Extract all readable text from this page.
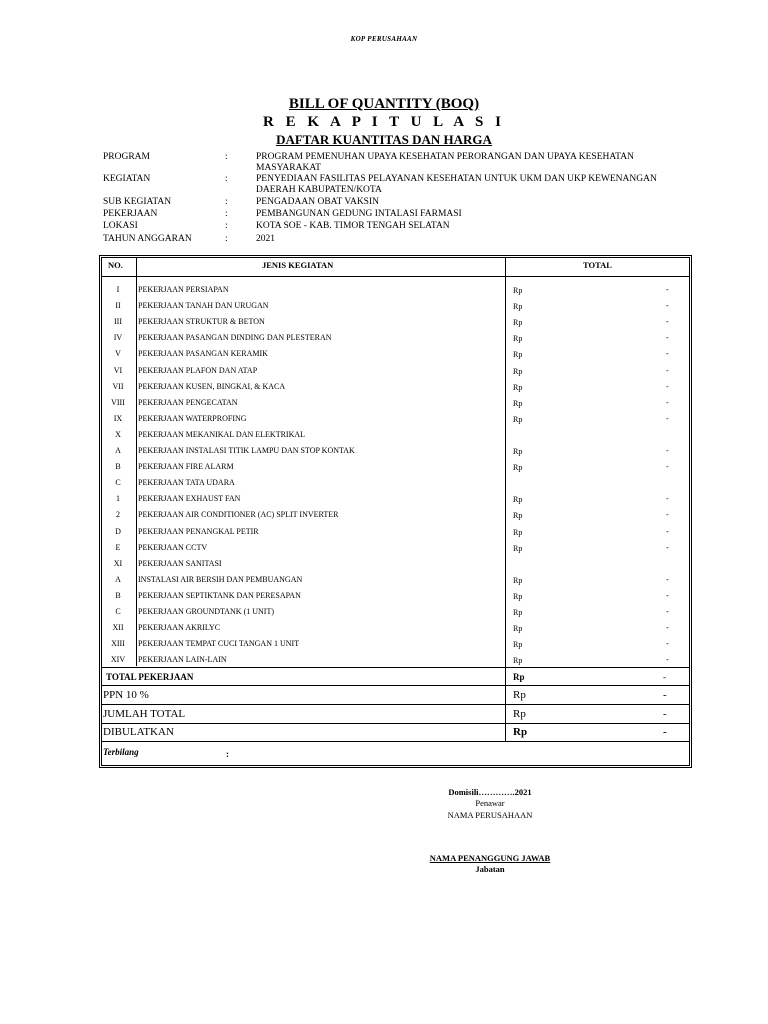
KOP PERUSAHAAN
BILL OF QUANTITY (BOQ)
R E K A P I T U L A S I
DAFTAR KUANTITAS DAN HARGA
PROGRAM	:	PROGRAM PEMENUHAN UPAYA KESEHATAN PERORANGAN DAN UPAYA KESEHATAN MASYARAKAT
KEGIATAN	:	PENYEDIAAN FASILITAS PELAYANAN KESEHATAN UNTUK UKM DAN UKP KEWENANGAN DAERAH KABUPATEN/KOTA
SUB KEGIATAN	:	PENGADAAN OBAT VAKSIN
PEKERJAAN	:	PEMBANGUNAN GEDUNG INTALASI FARMASI
LOKASI	:	KOTA SOE - KAB. TIMOR TENGAH SELATAN
TAHUN ANGGARAN	:	2021
NO.	JENIS KEGIATAN	TOTAL
I	PEKERJAAN PERSIAPAN	Rp	-
II	PEKERJAAN TANAH DAN URUGAN	Rp	-
III	PEKERJAAN STRUKTUR & BETON	Rp	-
IV	PEKERJAAN PASANGAN DINDING DAN PLESTERAN	Rp	-
V	PEKERJAAN PASANGAN KERAMIK	Rp	-
VI	PEKERJAAN PLAFON DAN ATAP	Rp	-
VII	PEKERJAAN KUSEN, BINGKAI, & KACA	Rp	-
VIII	PEKERJAAN PENGECATAN	Rp	-
IX	PEKERJAAN WATERPROFING	Rp	-
X	PEKERJAAN MEKANIKAL DAN ELEKTRIKAL
A	PEKERJAAN INSTALASI TITIK LAMPU DAN STOP KONTAK	Rp	-
B	PEKERJAAN FIRE ALARM	Rp	-
C	PEKERJAAN TATA UDARA
1	PEKERJAAN EXHAUST FAN	Rp	-
2	PEKERJAAN AIR CONDITIONER (AC) SPLIT INVERTER	Rp	-
D	PEKERJAAN PENANGKAL PETIR	Rp	-
E	PEKERJAAN CCTV	Rp	-
XI	PEKERJAAN SANITASI
A	INSTALASI AIR BERSIH DAN PEMBUANGAN	Rp	-
B	PEKERJAAN SEPTIKTANK DAN PERESAPAN	Rp	-
C	PEKERJAAN GROUNDTANK (1 UNIT)	Rp	-
XII	PEKERJAAN AKRILYC	Rp	-
XIII	PEKERJAAN TEMPAT CUCI TANGAN 1 UNIT	Rp	-
XIV	PEKERJAAN LAIN-LAIN	Rp	-
TOTAL PEKERJAAN	Rp	-
PPN 10 %	Rp	-
JUMLAH TOTAL	Rp	-
DIBULATKAN	Rp	-
Terbilang	:
Domisili………….2021
Penawar
NAMA PERUSAHAAN
NAMA PENANGGUNG JAWAB
Jabatan
